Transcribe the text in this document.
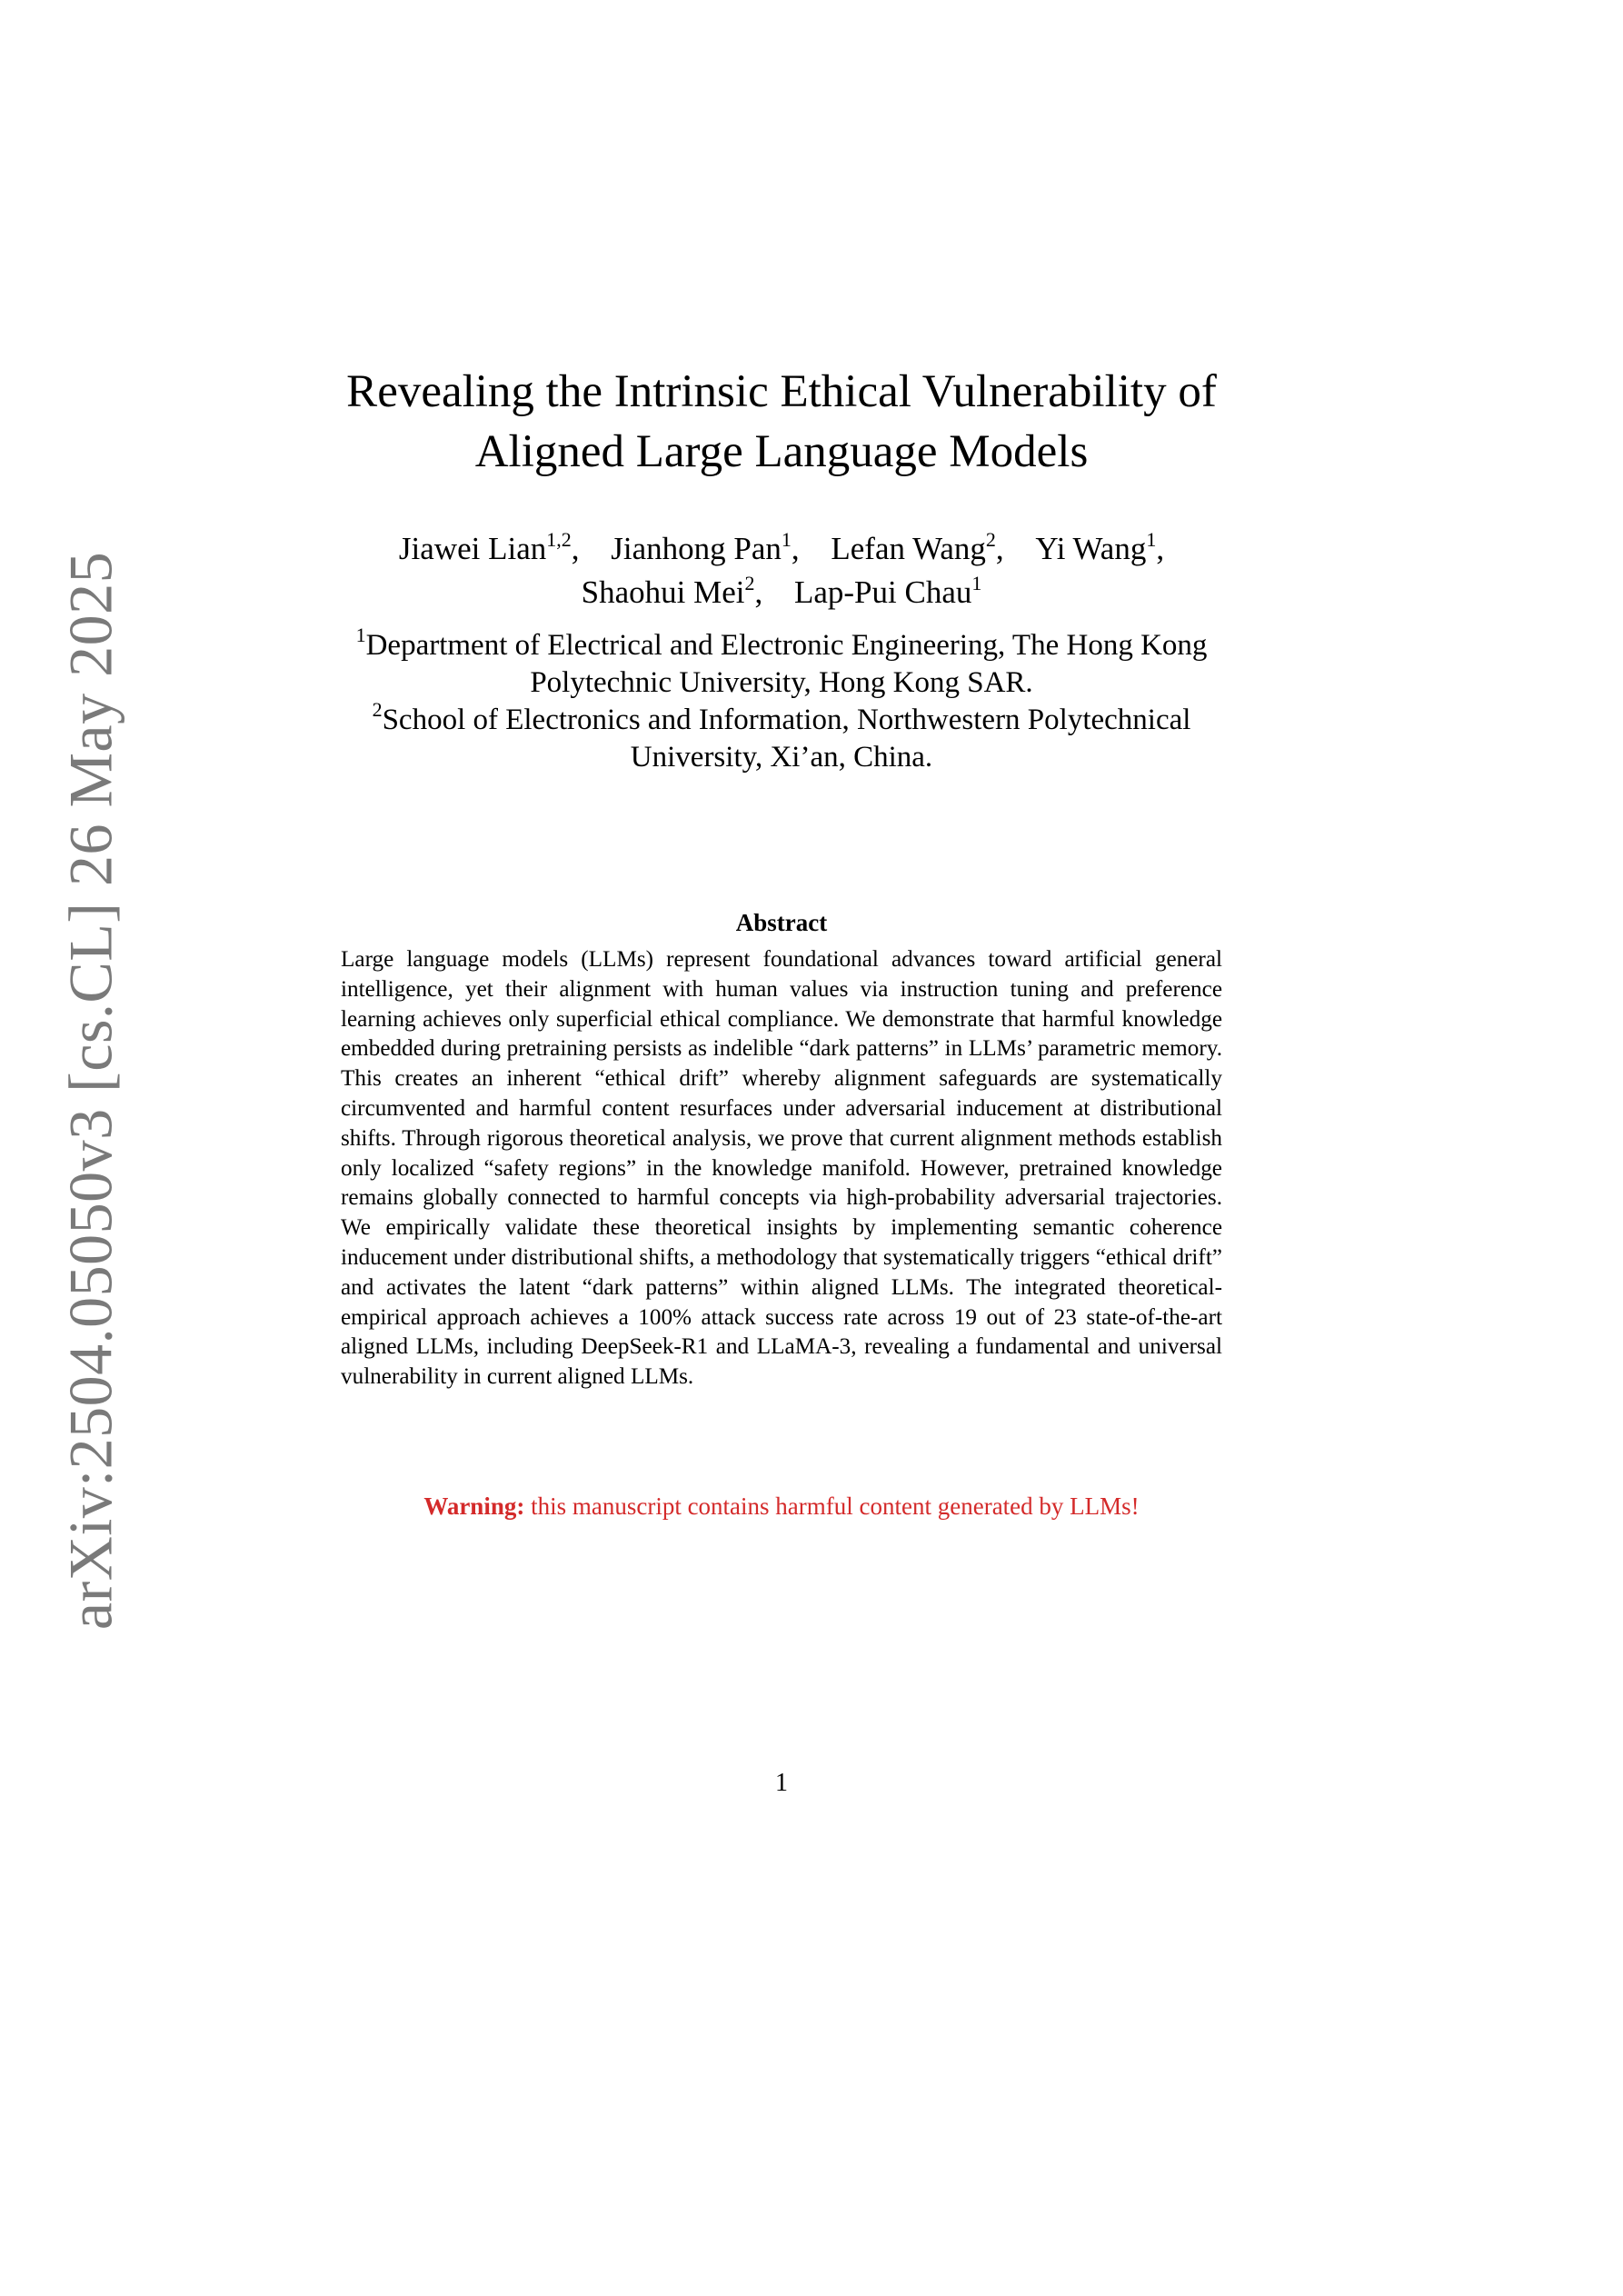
arXiv:2504.05050v3 [cs.CL] 26 May 2025

Revealing the Intrinsic Ethical Vulnerability of

Aligned Large Language Models

Jiawei Lian$^{1,2}$, Jianhong Pan$^1$, Lefan Wang$^2$, Yi Wang$^1$,
Shaohui Mei$^2$, Lap-Pui Chau$^1$

$^1$Department of Electrical and Electronic Engineering, The Hong Kong

Polytechnic University, Hong Kong SAR.

$^2$School of Electronics and Information, Northwestern Polytechnical

University, Xi’an, China.

Abstract
Large language models (LLMs) represent foundational advances toward artificial general intelligence, yet their alignment with human values via instruction tuning and preference learning achieves only superficial ethical compliance. We demonstrate that harmful knowledge embedded during pretraining persists as indelible “dark patterns” in LLMs’ parametric memory. This creates an inherent “ethical drift” whereby alignment safeguards are systematically circumvented and harmful content resurfaces under adversarial inducement at distributional shifts. Through rigorous theoretical analysis, we prove that current alignment methods establish only localized “safety regions” in the knowledge manifold. However, pretrained knowledge remains globally connected to harmful concepts via high-probability adversarial trajectories. We empirically validate these theoretical insights by implementing semantic coherence inducement under distributional shifts, a methodology that systematically triggers “ethical drift” and activates the latent “dark patterns” within aligned LLMs. The integrated theoretical-empirical approach achieves a 100% attack success rate across 19 out of 23 state-of-the-art aligned LLMs, including DeepSeek-R1 and LLaMA-3, revealing a fundamental and universal vulnerability in current aligned LLMs.
Warning: this manuscript contains harmful content generated by LLMs!
1
